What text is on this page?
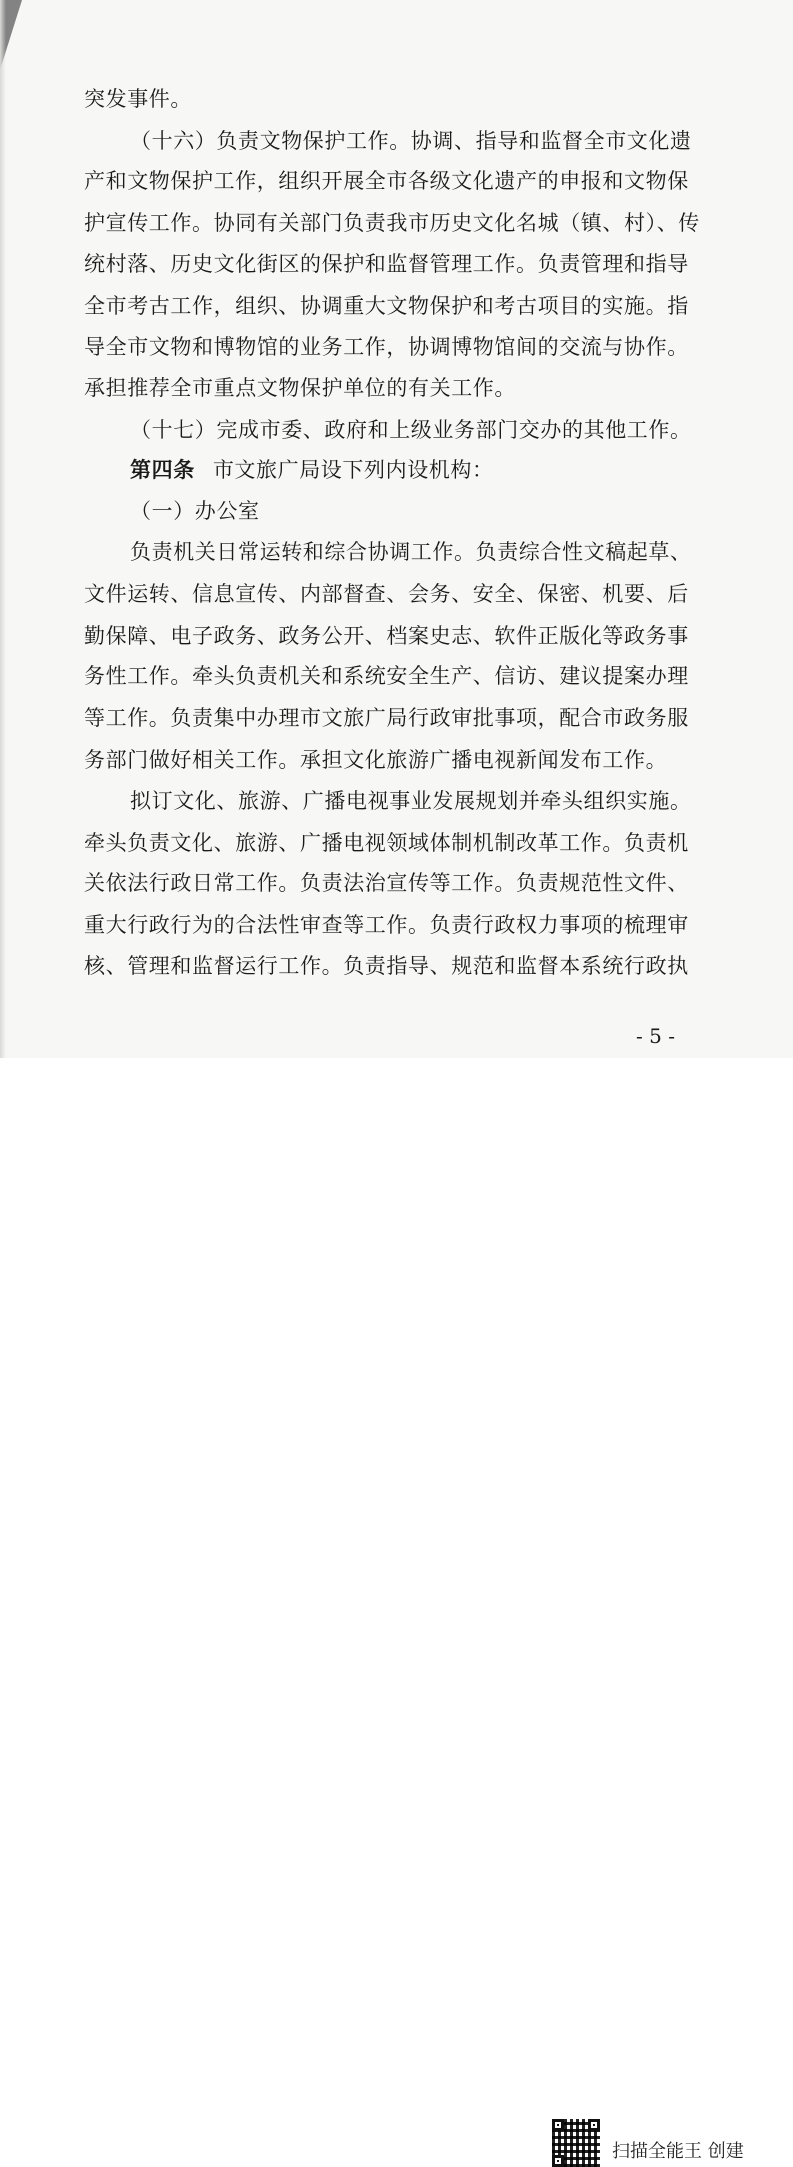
突发事件。
（十六）负责文物保护工作。协调、指导和监督全市文化遗
产和文物保护工作，组织开展全市各级文化遗产的申报和文物保
护宣传工作。协同有关部门负责我市历史文化名城（镇、村）、传
统村落、历史文化街区的保护和监督管理工作。负责管理和指导
全市考古工作，组织、协调重大文物保护和考古项目的实施。指
导全市文物和博物馆的业务工作，协调博物馆间的交流与协作。
承担推荐全市重点文物保护单位的有关工作。
（十七）完成市委、政府和上级业务部门交办的其他工作。
第四条 市文旅广局设下列内设机构：
（一）办公室
负责机关日常运转和综合协调工作。负责综合性文稿起草、
文件运转、信息宣传、内部督查、会务、安全、保密、机要、后
勤保障、电子政务、政务公开、档案史志、软件正版化等政务事
务性工作。牵头负责机关和系统安全生产、信访、建议提案办理
等工作。负责集中办理市文旅广局行政审批事项，配合市政务服
务部门做好相关工作。承担文化旅游广播电视新闻发布工作。
拟订文化、旅游、广播电视事业发展规划并牵头组织实施。
牵头负责文化、旅游、广播电视领域体制机制改革工作。负责机
关依法行政日常工作。负责法治宣传等工作。负责规范性文件、
重大行政行为的合法性审查等工作。负责行政权力事项的梳理审
核、管理和监督运行工作。负责指导、规范和监督本系统行政执
- 5 -
扫描全能王 创建
